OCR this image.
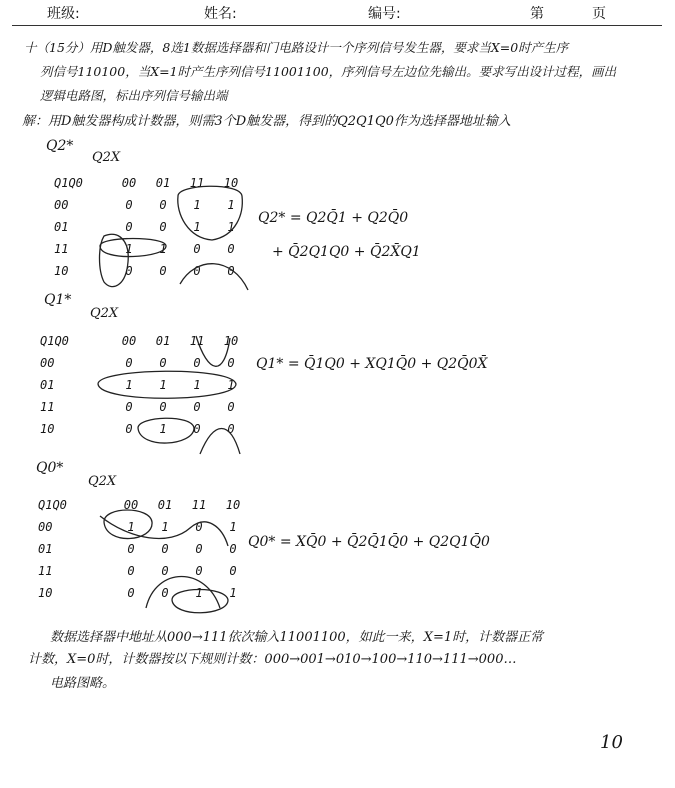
班级:	姓名:	编号:	第	页
十（15分）用D触发器，8选1数据选择器和门电路设计一个序列信号发生器，要求当X=0时产生序
列信号110100，当X=1时产生序列信号11001100，序列信号左边位先输出。要求写出设计过程，画出
逻辑电路图，标出序列信号输出端
解：用D触发器构成计数器，则需3个D触发器，得到的Q2Q1Q0作为选择器地址输入
Q2*
Q2X
Q1Q0	00	01	11	10
00	0	0	1	1
01	0	0	1	1
11	1	1	0	0
10	0	0	0	0
Q2* = Q2Q̄1 + Q2Q̄0
+ Q̄2Q1Q0 + Q̄2X̄Q1
Q1*
Q2X
Q1Q0	00	01	11	10
00	0	0	0	0
01	1	1	1	1
11	0	0	0	0
10	0	1	0	0
Q1* = Q̄1Q0 + XQ1Q̄0 + Q2Q̄0X̄
Q0*
Q2X
Q1Q0	00	01	11	10
00	1	1	0	1
01	0	0	0	0
11	0	0	0	0
10	0	0	1	1
Q0* = XQ̄0 + Q̄2Q̄1Q̄0 + Q2Q1Q̄0
数据选择器中地址从000→111依次输入11001100，如此一来，X=1时，计数器正常
计数，X=0时，计数器按以下规则计数：000→001→010→100→110→111→000…
电路图略。
10
